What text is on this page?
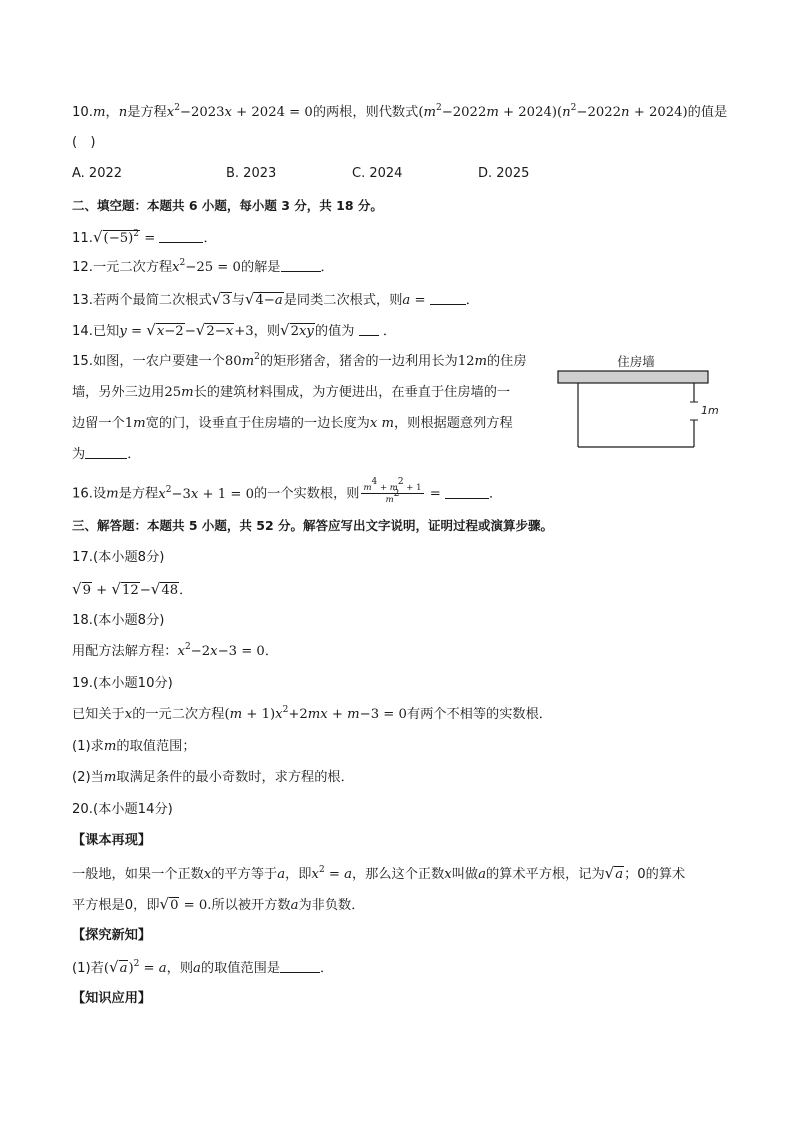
10.m，n是方程$x^2-2023x + 2024 = 0$的两根，则代数式$(m^2-2022m + 2024)(n^2-2022n + 2024)$的值是
(　)
A. 2022	B. 2023	C. 2024	D. 2025
二、填空题：本题共 6 小题，每小题 3 分，共 18 分。
$11.√(-5)^2$ =	．
12.一元二次方程$x^2-25 = 0$的解是	．
13.若两个最简二次根式√3与√4−a是同类二次根式，则a =	．
14.已知y = √x−2−√2−x+3，则√2xy的值为  ．
15.如图，一农户要建一个$80m^2$的矩形猪舍，猪舍的一边利用长为12m的住房
墙，另外三边用25m长的建筑材料围成，为方便进出，在垂直于住房墙的一
边留一个1m宽的门，设垂直于住房墙的一边长度为x m，则根据题意列方程
为	．
住房墙
1m
16.设m是方程$x^2-3x + 1 = 0$的一个实数根，则 $\frac{m^4 + m^2 + 1}{m^2}$ =	．
三、解答题：本题共 5 小题，共 52 分。解答应写出文字说明，证明过程或演算步骤。
17.(本小题8分)
√9 + √12−√48．
18.(本小题8分)
用配方法解方程：$x^2-2x-3 = 0$．
19.(本小题10分)
已知关于x的一元二次方程$(m + 1)x^2+2mx + m-3 = 0$有两个不相等的实数根．
(1)求m的取值范围；
(2)当m取满足条件的最小奇数时，求方程的根．
20.(本小题14分)
【课本再现】
一般地，如果一个正数x的平方等于a，即$x^2 = a$，那么这个正数x叫做a的算术平方根，记为√a；0的算术
平方根是0，即√0 = 0.所以被开方数a为非负数．
【探究新知】
(1)若$(√a)^2 = a$，则a的取值范围是	．
【知识应用】
